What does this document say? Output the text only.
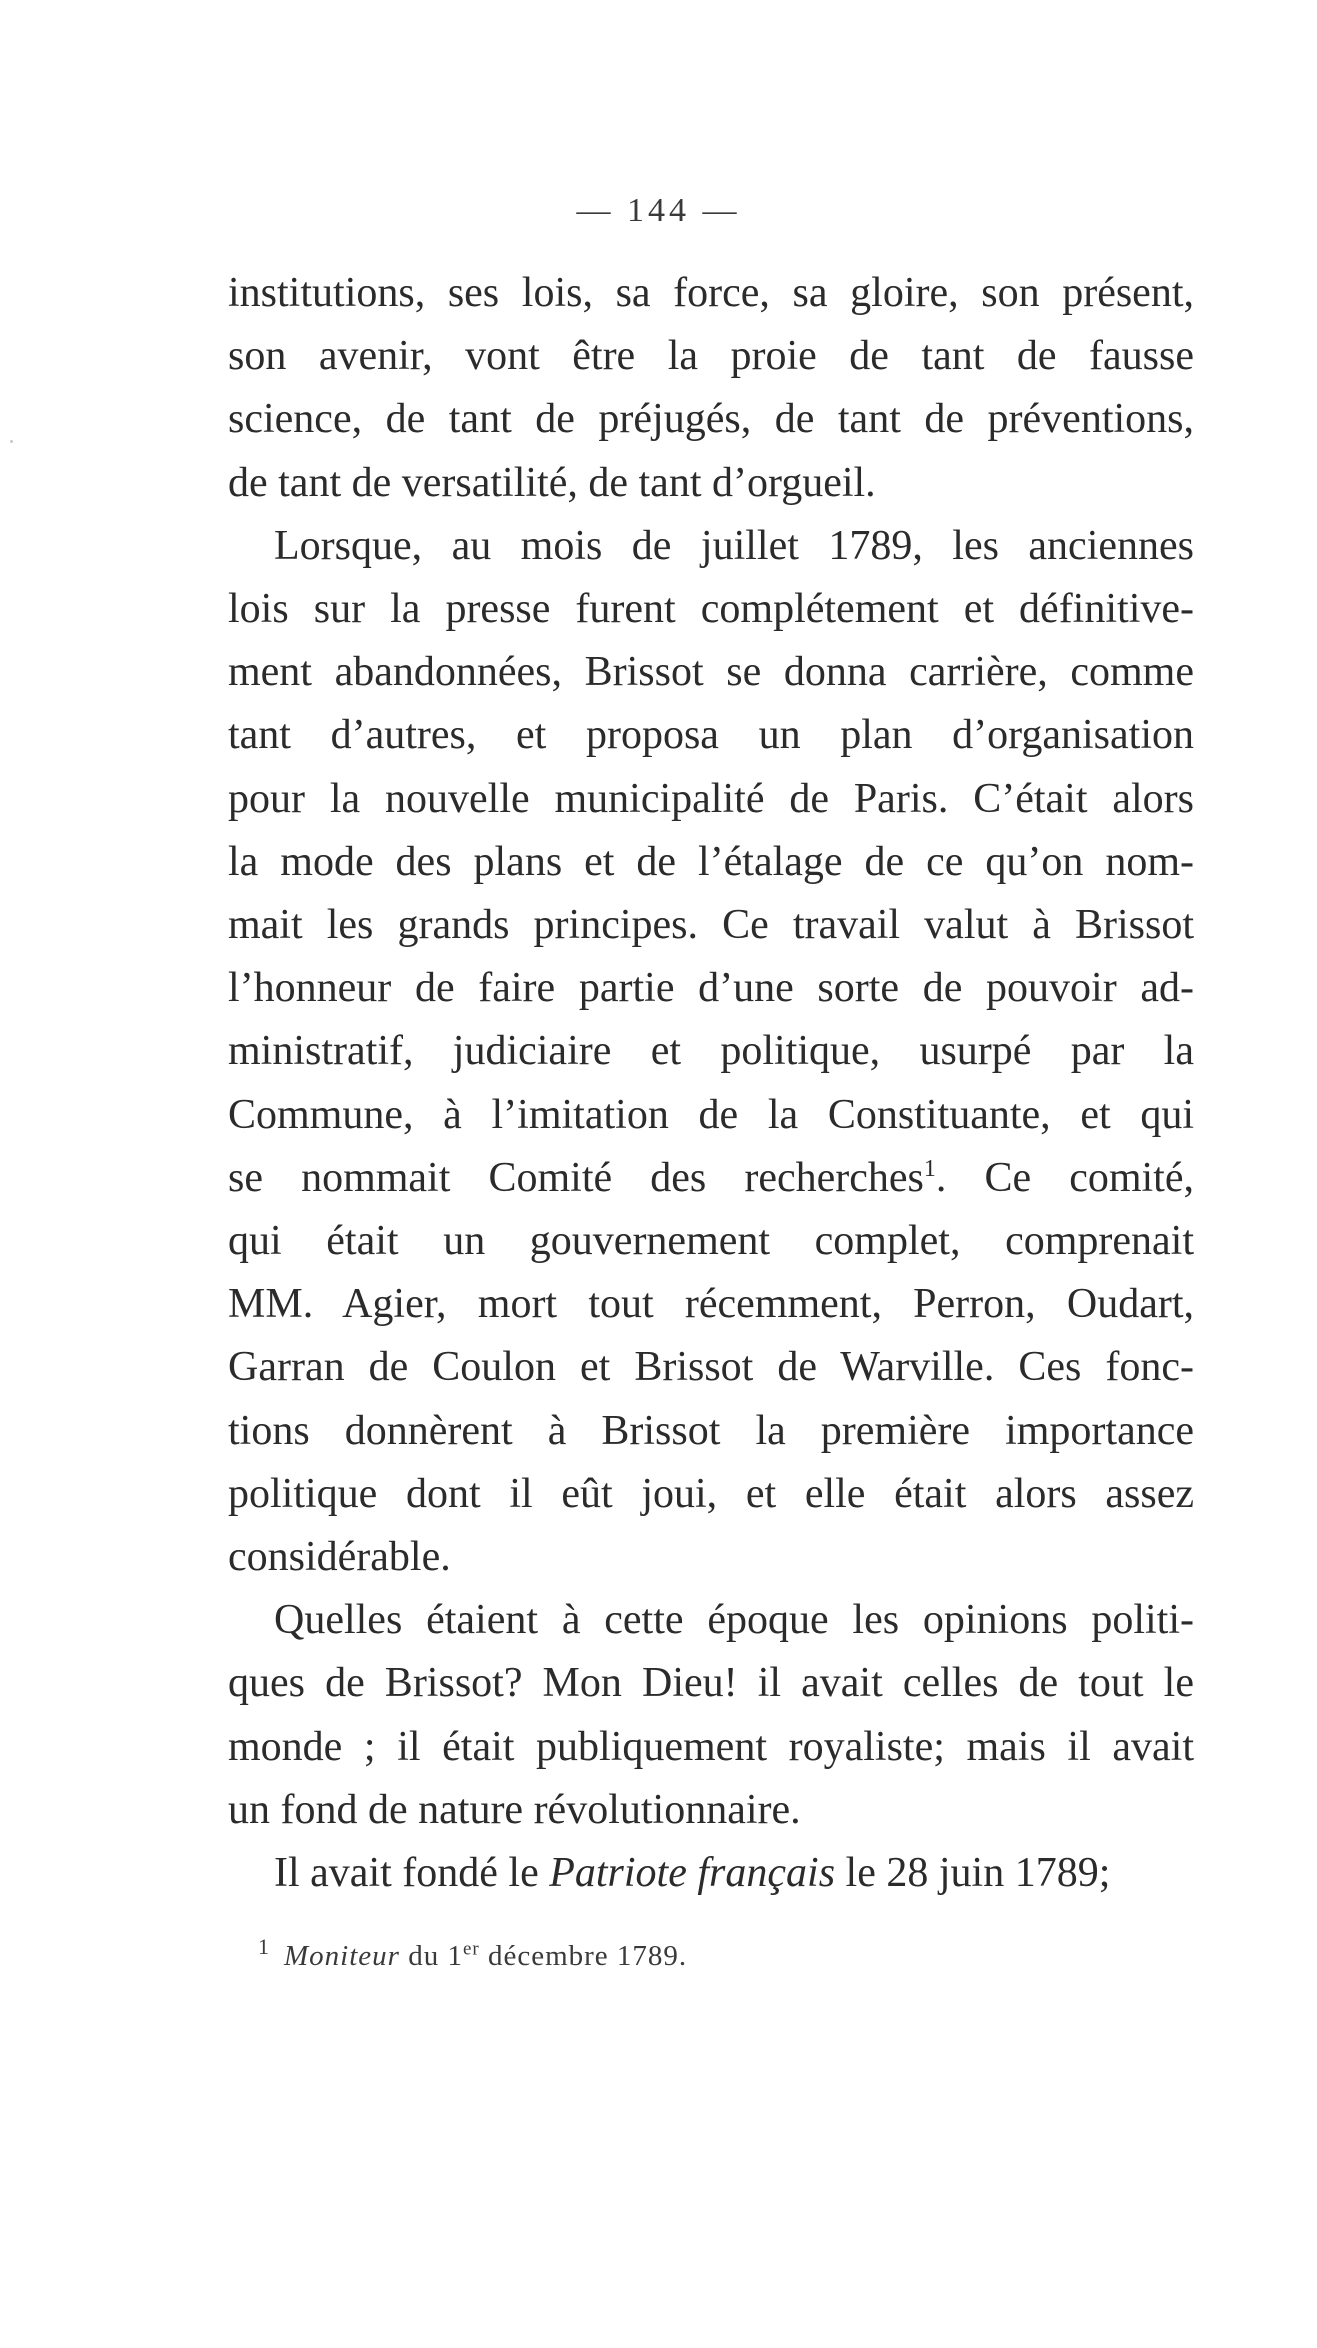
— 144 —
institutions, ses lois, sa force, sa gloire, son présent,
son avenir, vont être la proie de tant de fausse
science, de tant de préjugés, de tant de préventions,
de tant de versatilité, de tant d’orgueil.
Lorsque, au mois de juillet 1789, les anciennes
lois sur la presse furent complétement et définitive-
ment abandonnées, Brissot se donna carrière, comme
tant d’autres, et proposa un plan d’organisation
pour la nouvelle municipalité de Paris. C’était alors
la mode des plans et de l’étalage de ce qu’on nom-
mait les grands principes. Ce travail valut à Brissot
l’honneur de faire partie d’une sorte de pouvoir ad-
ministratif, judiciaire et politique, usurpé par la
Commune, à l’imitation de la Constituante, et qui
se nommait Comité des recherches$^1$. Ce comité,
qui était un gouvernement complet, comprenait
MM. Agier, mort tout récemment, Perron, Oudart,
Garran de Coulon et Brissot de Warville. Ces fonc-
tions donnèrent à Brissot la première importance
politique dont il eût joui, et elle était alors assez
considérable.
Quelles étaient à cette époque les opinions politi-
ques de Brissot? Mon Dieu! il avait celles de tout le
monde ; il était publiquement royaliste; mais il avait
un fond de nature révolutionnaire.
Il avait fondé le Patriote français le 28 juin 1789;
$^1$ Moniteur du 1er décembre 1789.
